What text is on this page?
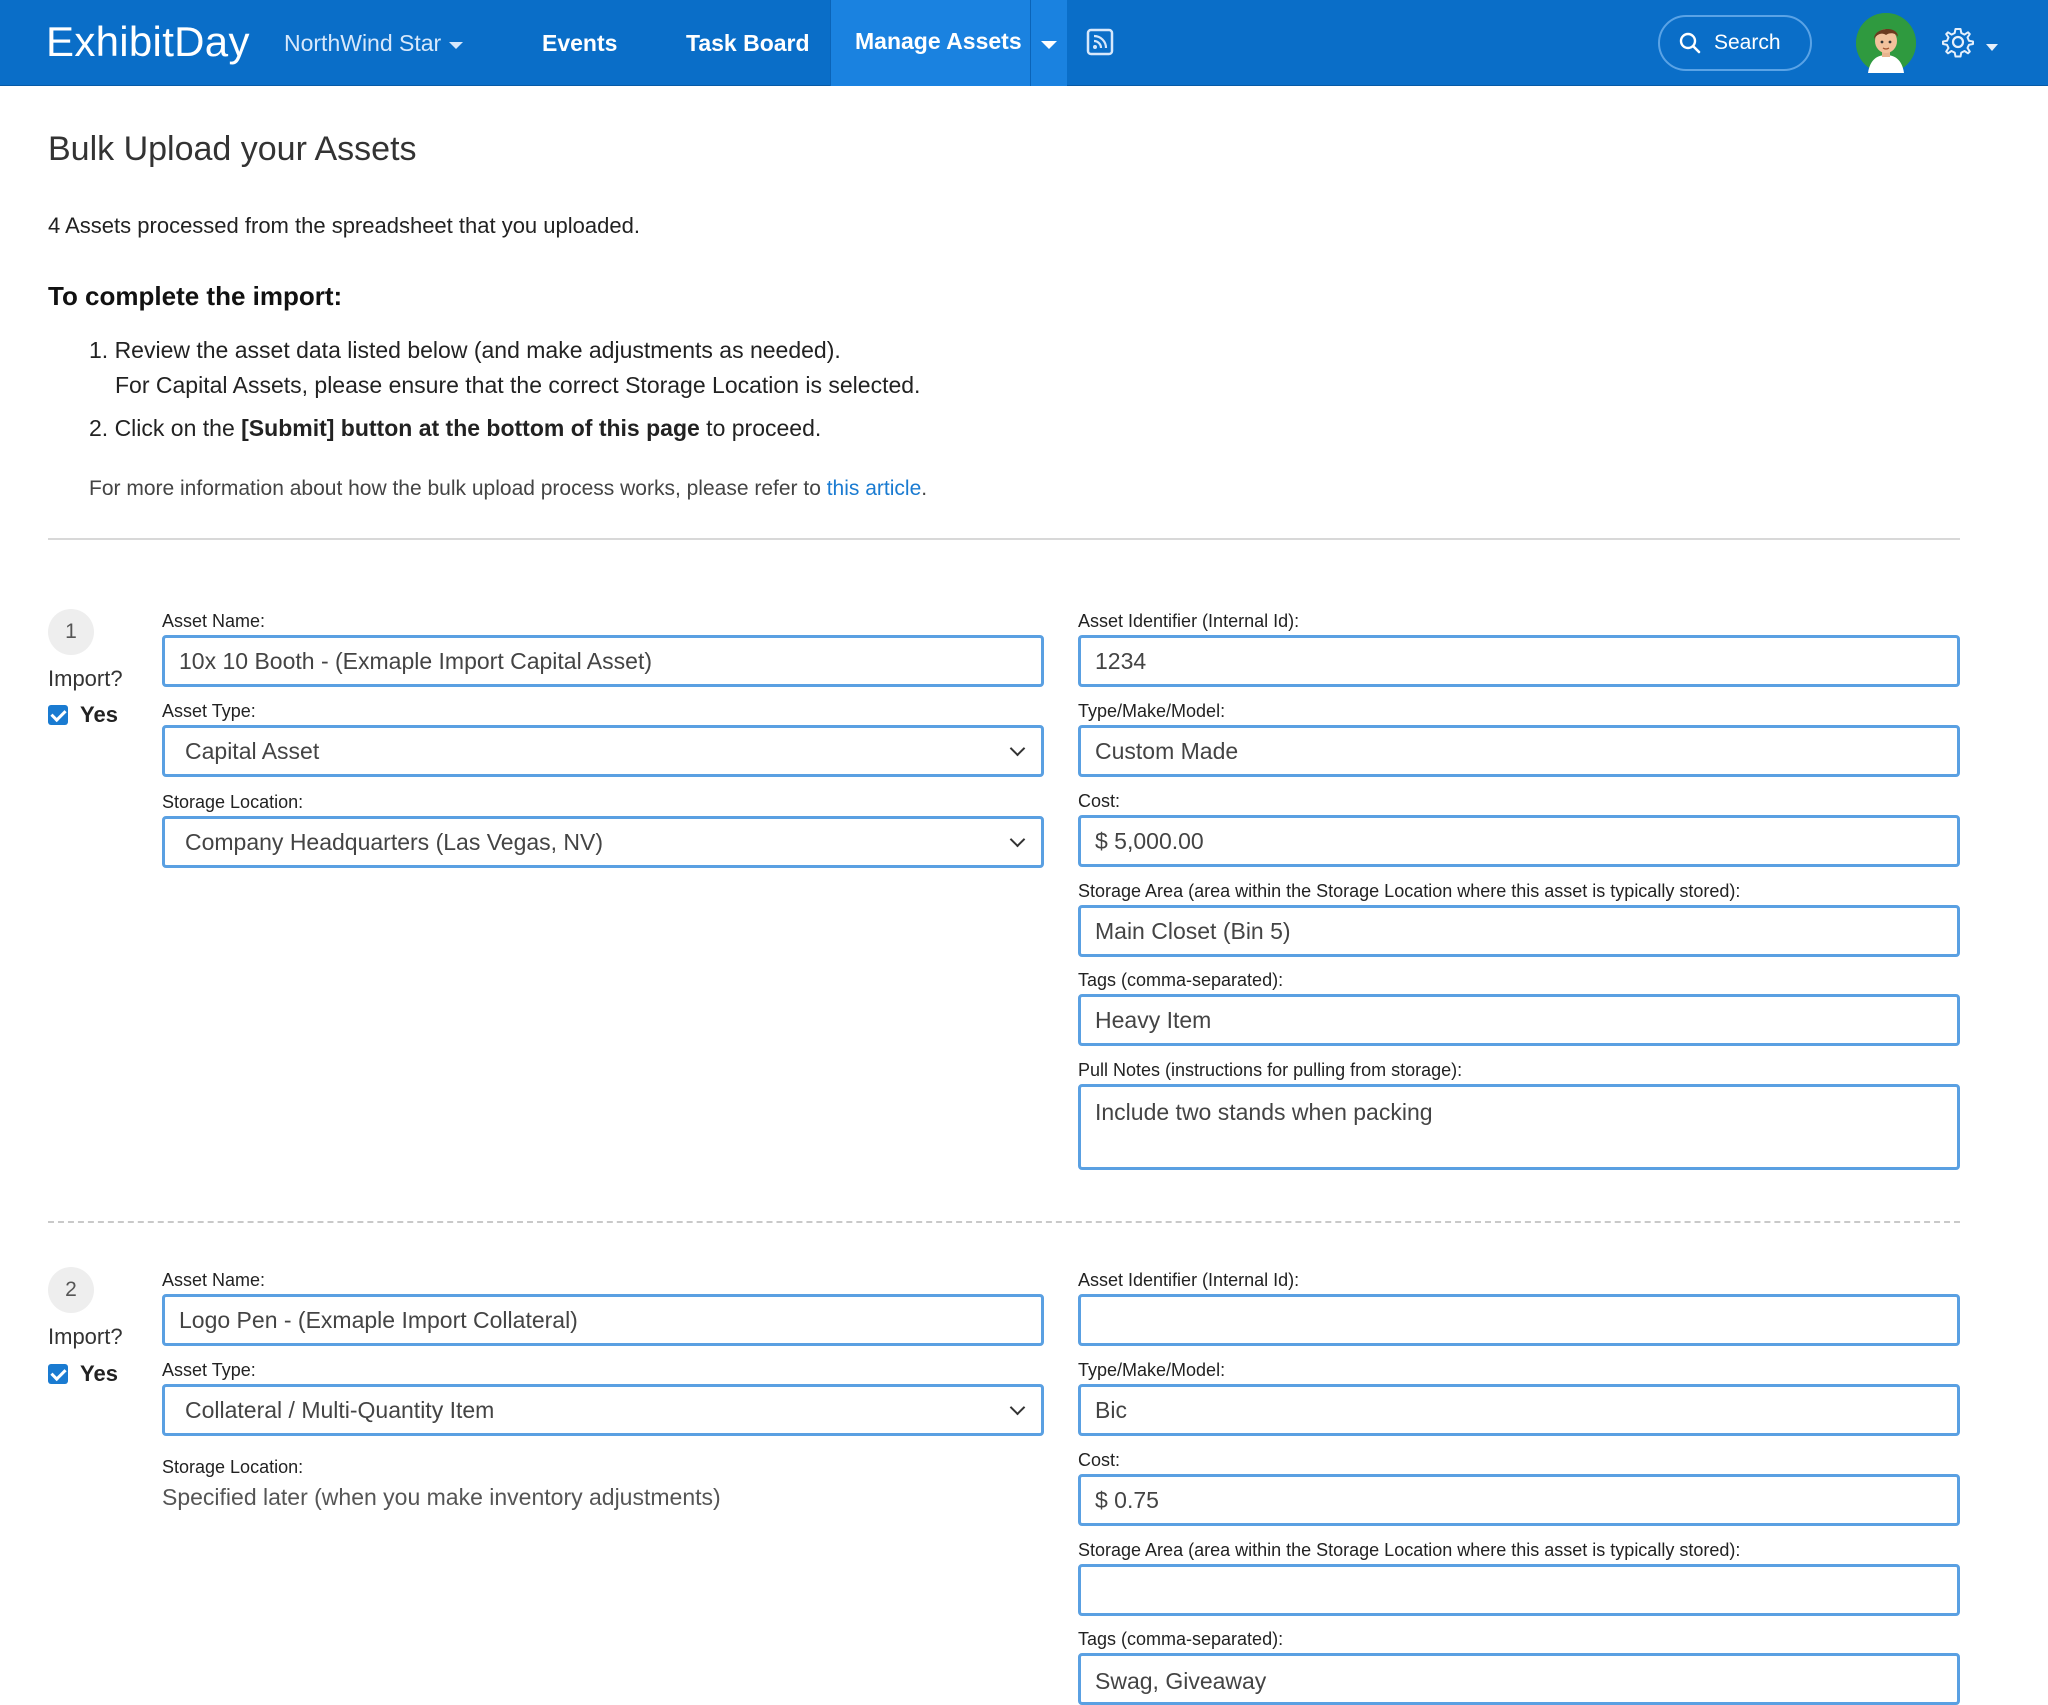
ExhibitDay NorthWind Star	Events	Task Board Manage Assets	Search
Bulk Upload your Assets
4 Assets processed from the spreadsheet that you uploaded.
To complete the import:
1. Review the asset data listed below (and make adjustments as needed).
For Capital Assets, please ensure that the correct Storage Location is selected.
2. Click on the [Submit] button at the bottom of this page to proceed.
For more information about how the bulk upload process works, please refer to this article.
1
Import?
Yes
Asset Name:
10x 10 Booth - (Exmaple Import Capital Asset)
Asset Type:
Capital Asset
Storage Location:
Company Headquarters (Las Vegas, NV)
Asset Identifier (Internal Id):
1234
Type/Make/Model:
Custom Made
Cost:
$ 5,000.00
Storage Area (area within the Storage Location where this asset is typically stored):
Main Closet (Bin 5)
Tags (comma-separated):
Heavy Item
Pull Notes (instructions for pulling from storage):
Include two stands when packing
2
Import?
Yes
Asset Name:
Logo Pen - (Exmaple Import Collateral)
Asset Type:
Collateral / Multi-Quantity Item
Storage Location:
Specified later (when you make inventory adjustments)
Asset Identifier (Internal Id):
Type/Make/Model:
Bic
Cost:
$ 0.75
Storage Area (area within the Storage Location where this asset is typically stored):
Tags (comma-separated):
Swag, Giveaway
